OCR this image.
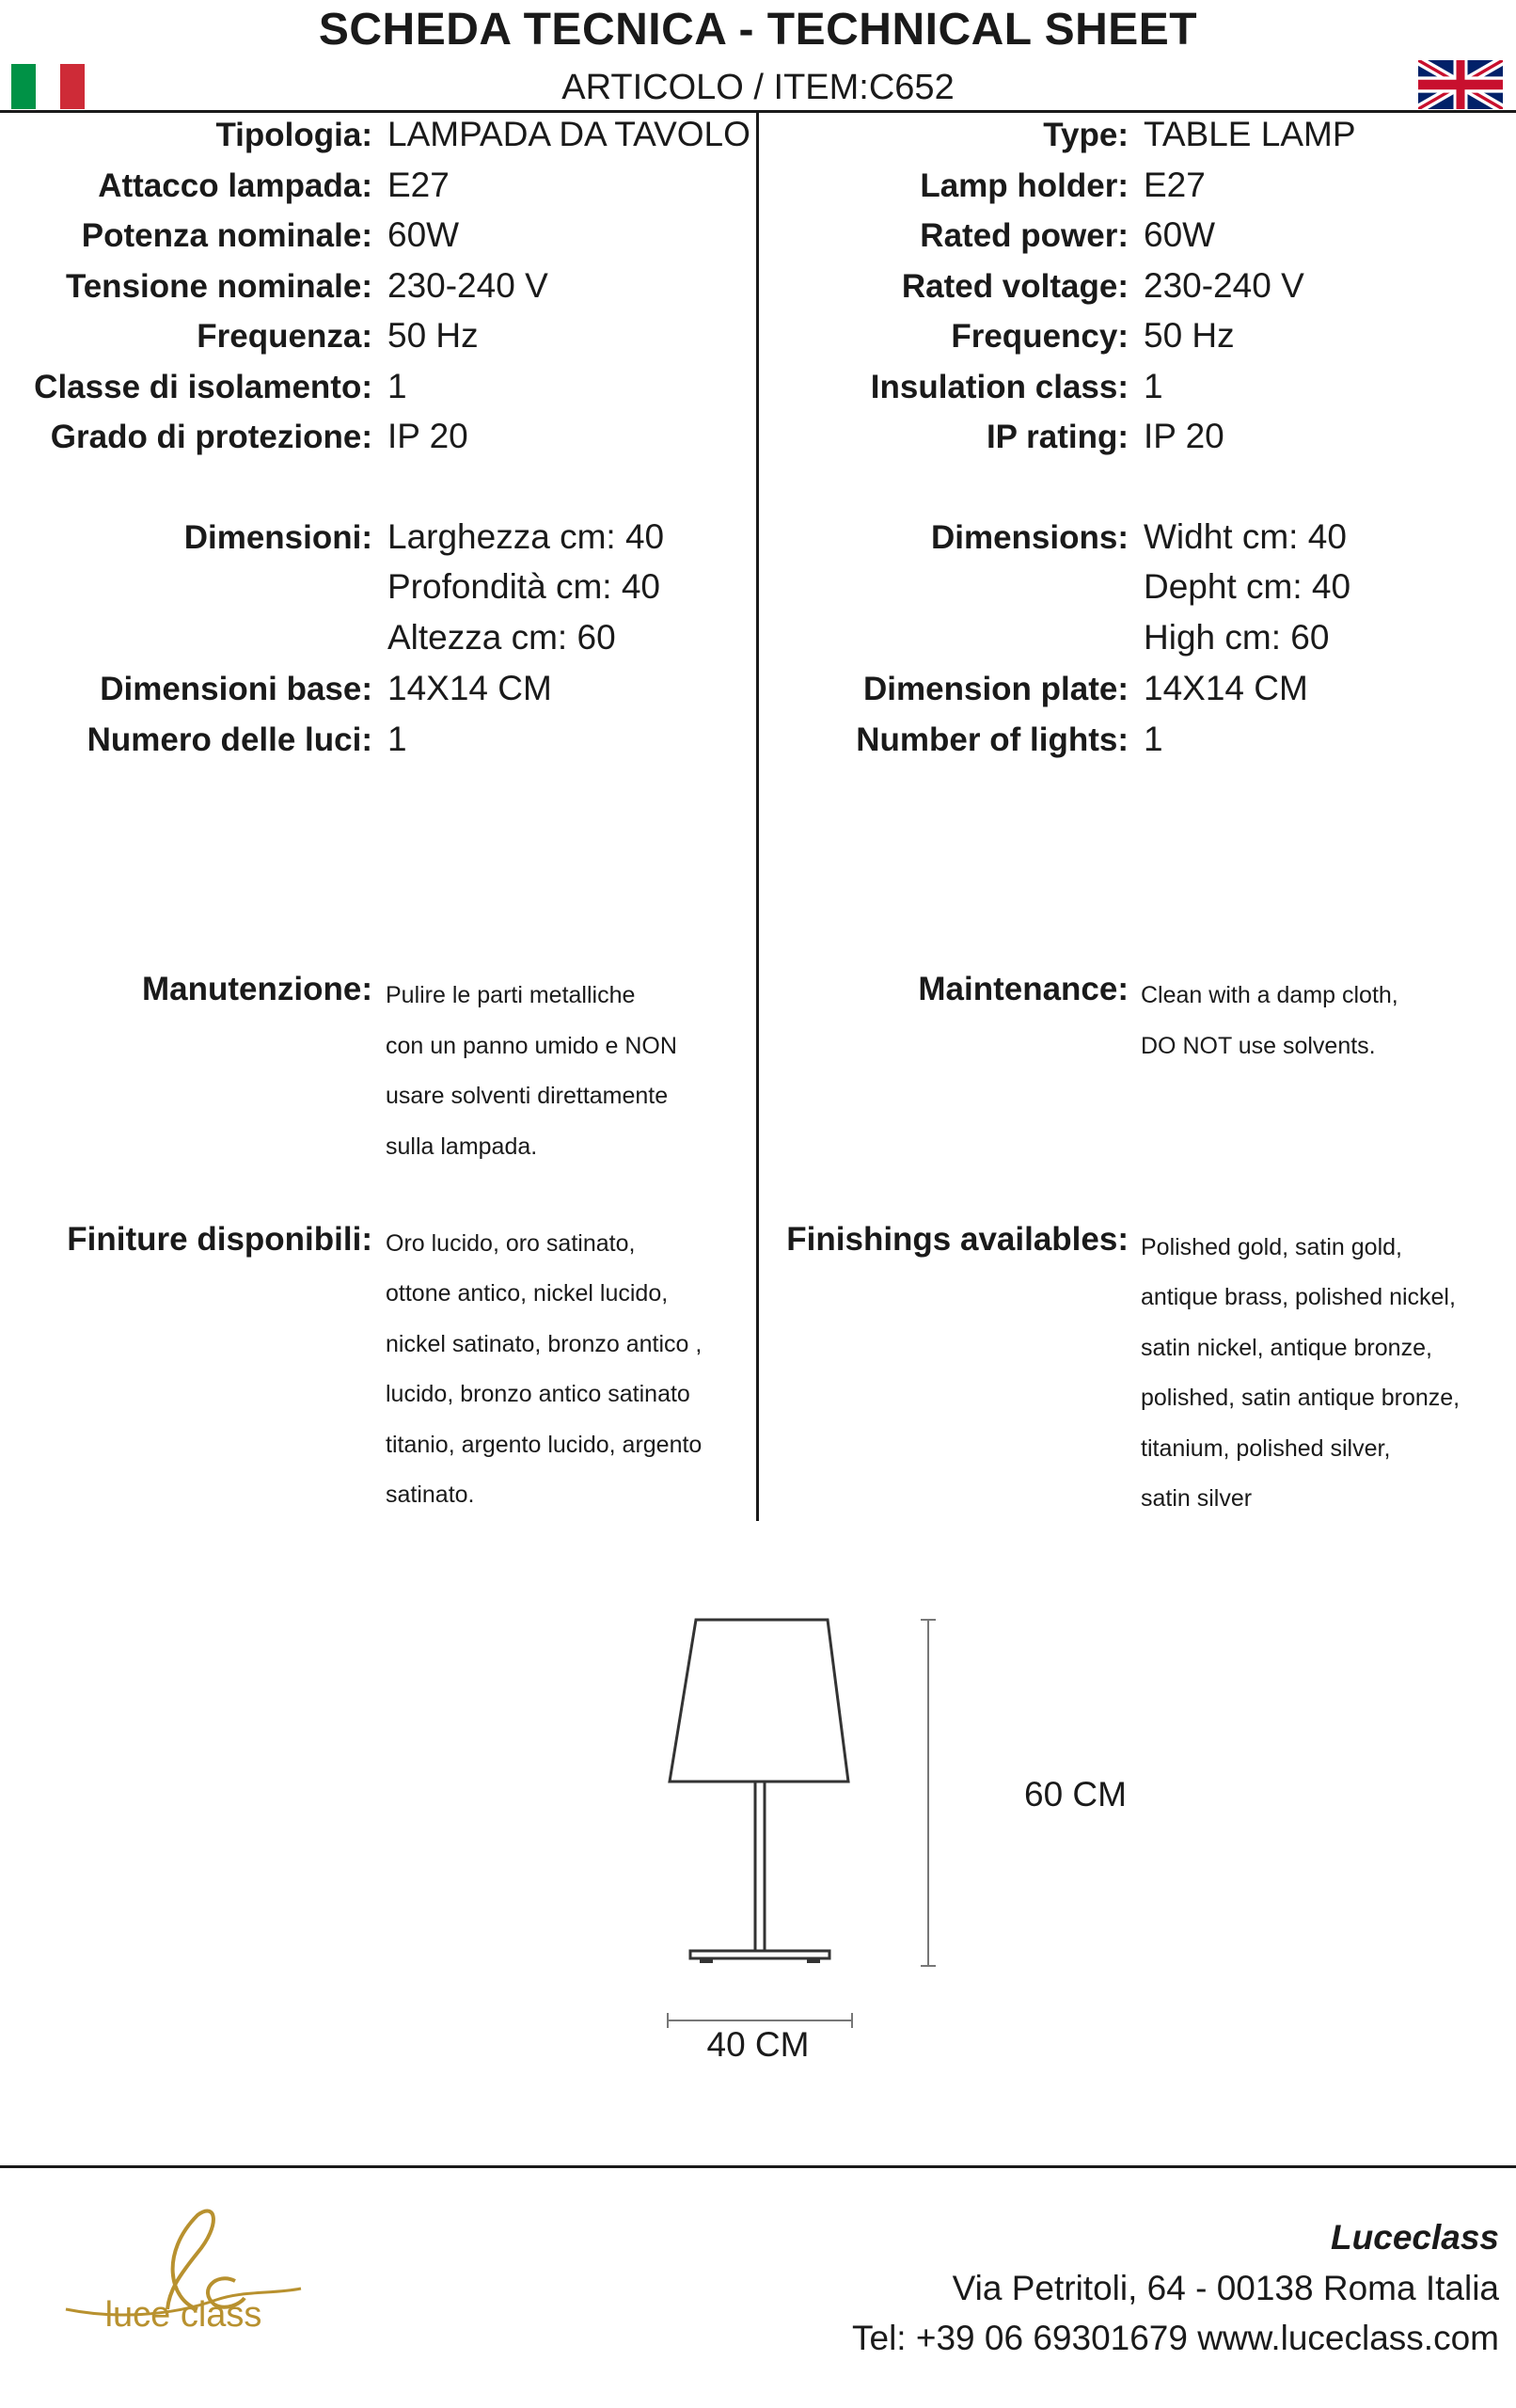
SCHEDA TECNICA - TECHNICAL SHEET
ARTICOLO / ITEM:C652
Tipologia: LAMPADA DA TAVOLO
Attacco lampada: E27
Potenza nominale: 60W
Tensione nominale: 230-240 V
Frequenza: 50 Hz
Classe di isolamento: 1
Grado di protezione: IP 20
Dimensioni: Larghezza cm: 40
Profondità cm: 40
Altezza cm: 60
Dimensioni base: 14X14 CM
Numero delle luci: 1
Manutenzione: Pulire le parti metalliche
con un panno umido e NON
usare solventi direttamente
sulla lampada.
Finiture disponibili: Oro lucido, oro satinato,
ottone antico, nickel lucido,
nickel satinato, bronzo antico ,
lucido, bronzo antico satinato
titanio, argento lucido, argento
satinato.
Type: TABLE LAMP
Lamp holder: E27
Rated power: 60W
Rated voltage: 230-240 V
Frequency: 50 Hz
Insulation class: 1
IP rating: IP 20
Dimensions: Widht cm: 40
Depht cm: 40
High cm: 60
Dimension plate: 14X14 CM
Number of lights: 1
Maintenance: Clean with a damp cloth,
DO NOT use solvents.
Finishings availables: Polished gold, satin gold,
antique brass, polished nickel,
satin nickel, antique bronze,
polished, satin antique bronze,
titanium, polished silver,
satin silver
60 CM
40 CM
luce class
Luceclass
Via Petritoli, 64 - 00138 Roma Italia
Tel: +39 06 69301679 www.luceclass.com
